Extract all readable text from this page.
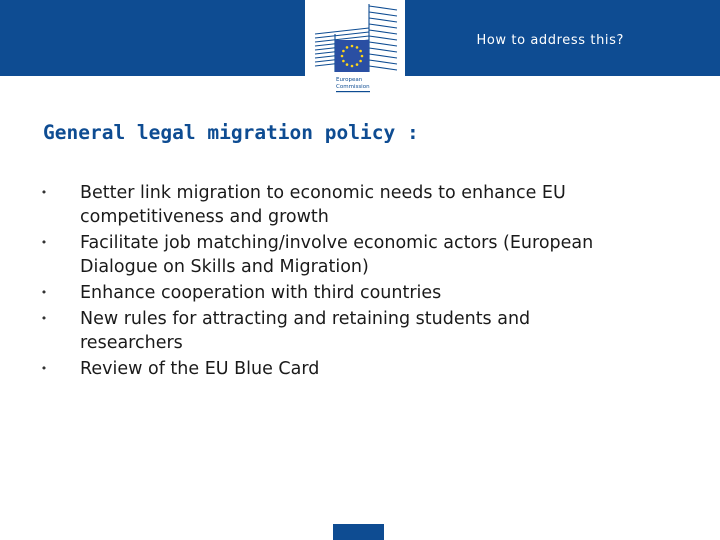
How to address this?
European
Commission
General legal migration policy :
• Better link migration to economic needs to enhance EU
competitiveness and growth
• Facilitate job matching/involve economic actors (European
Dialogue on Skills and Migration)
• Enhance cooperation with third countries
• New rules for attracting and retaining students and
researchers
• Review of the EU Blue Card
